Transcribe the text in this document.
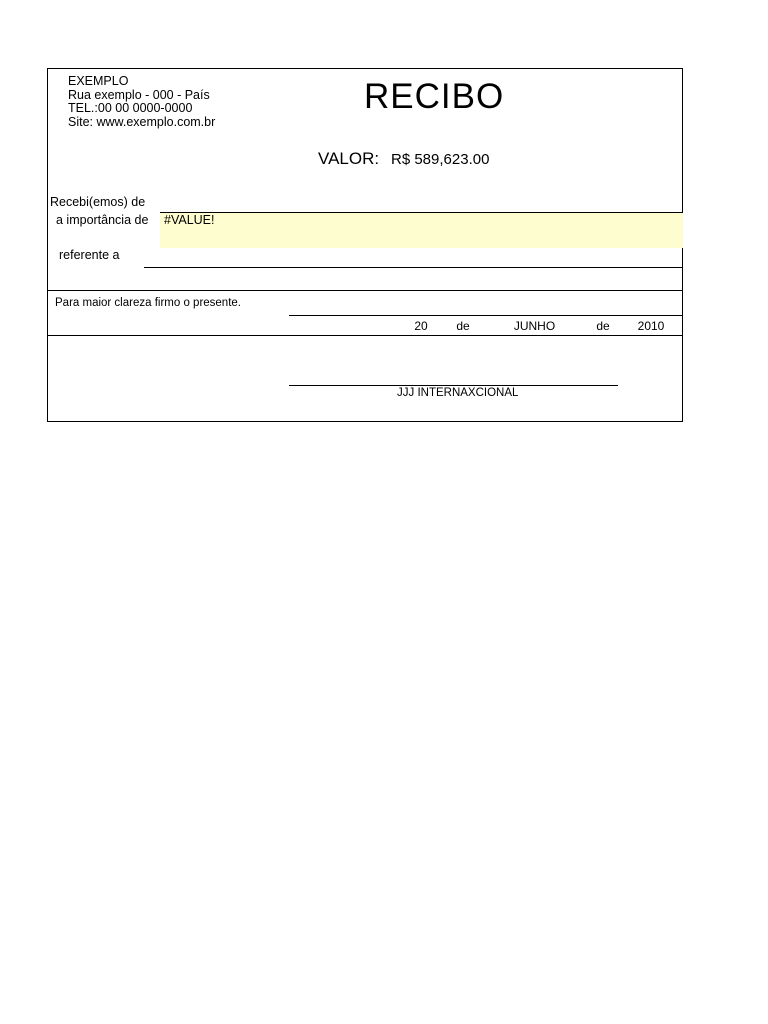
EXEMPLO
Rua exemplo - 000 - País
TEL.:00 00 0000-0000
Site: www.exemplo.com.br
RECIBO
VALOR: R$ 589,623.00
Recebi(emos) de
a importância de #VALUE!
referente a
Para maior clareza firmo o presente.
20	de	JUNHO	de	2010
JJJ INTERNAXCIONAL
